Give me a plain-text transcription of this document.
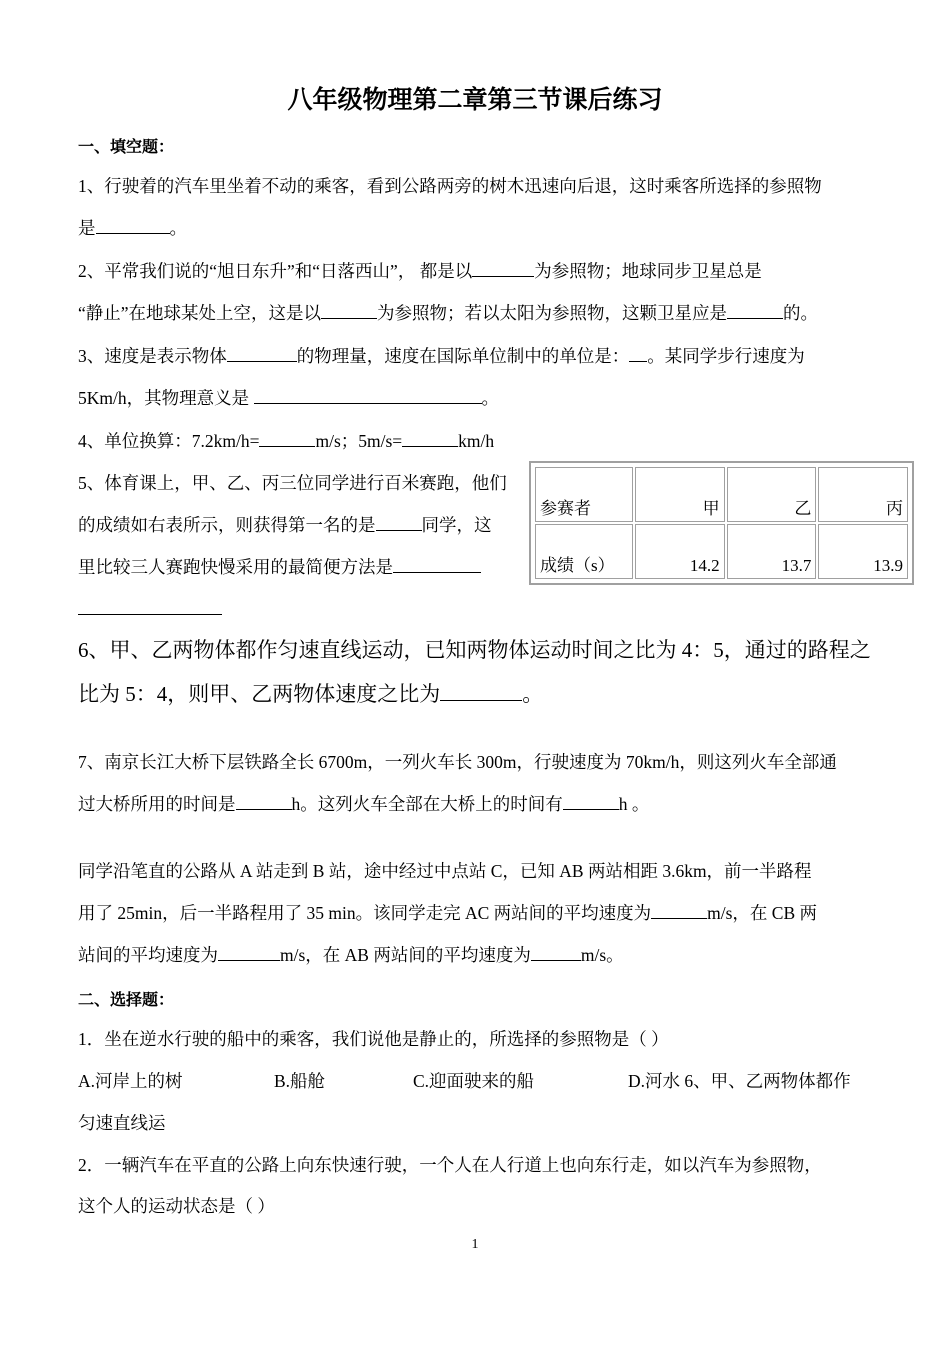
八年级物理第二章第三节课后练习
一、填空题：
1、行驶着的汽车里坐着不动的乘客，看到公路两旁的树木迅速向后退，这时乘客所选择的参照物
是	。
2、平常我们说的“旭日东升”和“日落西山”， 都是以	为参照物；地球同步卫星总是
“静止”在地球某处上空，这是以	为参照物；若以太阳为参照物，这颗卫星应是	的。
3、速度是表示物体	的物理量，速度在国际单位制中的单位是： 。某同学步行速度为
5Km/h，其物理意义是	。
4、单位换算：7.2km/h=	m/s；5m/s=	km/h
5、体育课上，甲、乙、丙三位同学进行百米赛跑，他们
的成绩如右表所示，则获得第一名的是	同学，这
里比较三人赛跑快慢采用的最简便方法是
参赛者	甲	乙	丙
成绩（s）	14.2	13.7	13.9
6、甲、乙两物体都作匀速直线运动，已知两物体运动时间之比为 4：5，通过的路程之
比为 5：4，则甲、乙两物体速度之比为	。
7、南京长江大桥下层铁路全长 6700m，一列火车长 300m，行驶速度为 70km/h，则这列火车全部通
过大桥所用的时间是	h。这列火车全部在大桥上的时间有	h 。
同学沿笔直的公路从 A 站走到 B 站，途中经过中点站 C，已知 AB 两站相距 3.6km，前一半路程
用了 25min，后一半路程用了 35 min。该同学走完 AC 两站间的平均速度为	m/s，在 CB 两
站间的平均速度为	m/s，在 AB 两站间的平均速度为	m/s。
二、选择题：
1．坐在逆水行驶的船中的乘客，我们说他是静止的，所选择的参照物是（ ）
A.河岸上的树	B.船舱	C.迎面驶来的船	D.河水 6、甲、乙两物体都作
匀速直线运
2．一辆汽车在平直的公路上向东快速行驶，一个人在人行道上也向东行走，如以汽车为参照物，
这个人的运动状态是（ ）
1
